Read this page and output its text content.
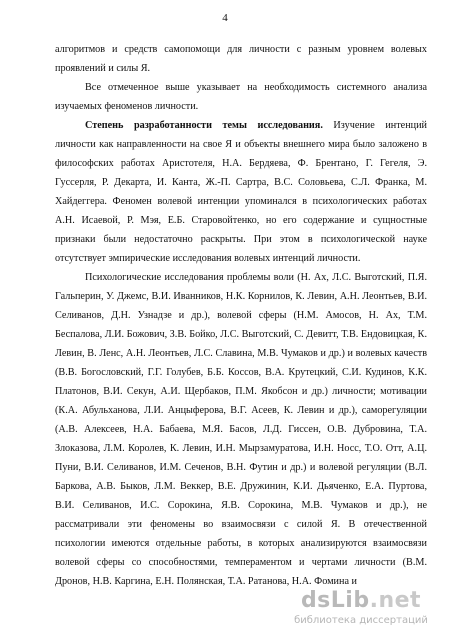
4

алгоритмов и средств самопомощи для личности с разным уровнем волевых проявлений и силы Я.

Все отмеченное выше указывает на необходимость системного анализа изучаемых феноменов личности.

Степень разработанности темы исследования. Изучение интенций личности как направленности на свое Я и объекты внешнего мира было заложено в философских работах Аристотеля, Н.А. Бердяева, Ф. Брентано, Г. Гегеля, Э. Гуссерля, Р. Декарта, И. Канта, Ж.-П. Сартра, В.С. Соловьева, С.Л. Франка, М. Хайдеггера. Феномен волевой интенции упоминался в психологических работах А.Н. Исаевой, Р. Мэя, Е.Б. Старовойтенко, но его содержание и сущностные признаки были недостаточно раскрыты. При этом в психологической науке отсутствует эмпирические исследования волевых интенций личности.

Психологические исследования проблемы воли (Н. Ах, Л.С. Выготский, П.Я. Гальперин, У. Джемс, В.И. Иванников, Н.К. Корнилов, К. Левин, А.Н. Леонтьев, В.И. Селиванов, Д.Н. Узнадзе и др.), волевой сферы (Н.М. Амосов, Н. Ах, Т.М. Беспалова, Л.И. Божович, З.В. Бойко, Л.С. Выготский, С. Девитт, Т.В. Ендовицкая, К. Левин, В. Ленс, А.Н. Леонтьев, Л.С. Славина, М.В. Чумаков и др.) и волевых качеств (В.В. Богословский, Г.Г. Голубев, Б.Б. Коссов, В.А. Крутецкий, С.И. Кудинов, К.К. Платонов, В.И. Секун, А.И. Щербаков, П.М. Якобсон и др.) личности; мотивации (К.А. Абульханова, Л.И. Анцыферова, В.Г. Асеев, К. Левин и др.), саморегуляции (А.В. Алексеев, Н.А. Бабаева, М.Я. Басов, Л.Д. Гиссен, О.В. Дубровина, Т.А. Злоказова, Л.М. Королев, К. Левин, И.Н. Мырзамуратова, И.Н. Носс, Т.О. Отт, А.Ц. Пуни, В.И. Селиванов, И.М. Сеченов, В.Н. Футин и др.) и волевой регуляции (В.Л. Баркова, А.В. Быков, Л.М. Веккер, В.Е. Дружинин, К.И. Дьяченко, Е.А. Пуртова, В.И. Селиванов, И.С. Сорокина, Я.В. Сорокина, М.В. Чумаков и др.), не рассматривали эти феномены во взаимосвязи с силой Я. В отечественной психологии имеются отдельные работы, в которых анализируются взаимосвязи волевой сферы со способностями, темпераментом и чертами личности (В.М. Дронов, Н.В. Каргина, Е.Н. Полянская, Т.А. Ратанова, Н.А. Фомина и

dsLib.net
библиотека диссертаций
